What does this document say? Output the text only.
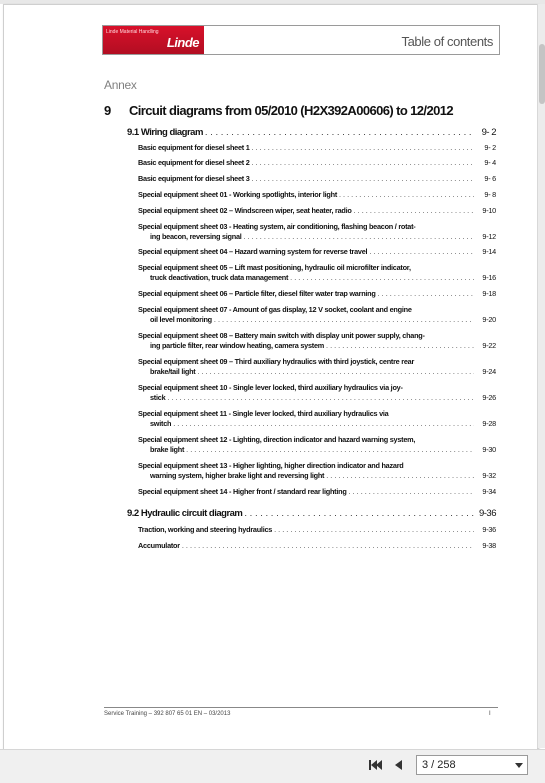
Linde Material Handling
Linde	Table of contents
Annex
9 Circuit diagrams from 05/2010 (H2X392A00606) to 12/2012
9.1 Wiring diagram . . .	9- 2
Basic equipment for diesel sheet 1 . . .	9- 2
Basic equipment for diesel sheet 2 . . .	9- 4
Basic equipment for diesel sheet 3 . . .	9- 6
Special equipment sheet 01 - Working spotlights, interior light . . .	9- 8
Special equipment sheet 02 – Windscreen wiper, seat heater, radio . . .	9-10
Special equipment sheet 03 - Heating system, air conditioning, flashing beacon / rotat-
ing beacon, reversing signal . . .	9-12
Special equipment sheet 04 – Hazard warning system for reverse travel . . .	9-14
Special equipment sheet 05 – Lift mast positioning, hydraulic oil microfilter indicator,
truck deactivation, truck data management . . .	9-16
Special equipment sheet 06 – Particle filter, diesel filter water trap warning . . .	9-18
Special equipment sheet 07 - Amount of gas display, 12 V socket, coolant and engine
oil level monitoring . . .	9-20
Special equipment sheet 08 – Battery main switch with display unit power supply, chang-
ing particle filter, rear window heating, camera system . . .	9-22
Special equipment sheet 09 – Third auxiliary hydraulics with third joystick, centre rear
brake/tail light . . .	9-24
Special equipment sheet 10 - Single lever locked, third auxiliary hydraulics via joy-
stick . . .	9-26
Special equipment sheet 11 - Single lever locked, third auxiliary hydraulics via
switch . . .	9-28
Special equipment sheet 12 - Lighting, direction indicator and hazard warning system,
brake light . . .	9-30
Special equipment sheet 13 - Higher lighting, higher direction indicator and hazard
warning system, higher brake light and reversing light . . .	9-32
Special equipment sheet 14 - Higher front / standard rear lighting . . .	9-34
9.2 Hydraulic circuit diagram . . .	9-36
Traction, working and steering hydraulics . . .	9-36
Accumulator . . .	9-38
Service Training – 392 807 65 01 EN – 03/2013	I
3 / 258
